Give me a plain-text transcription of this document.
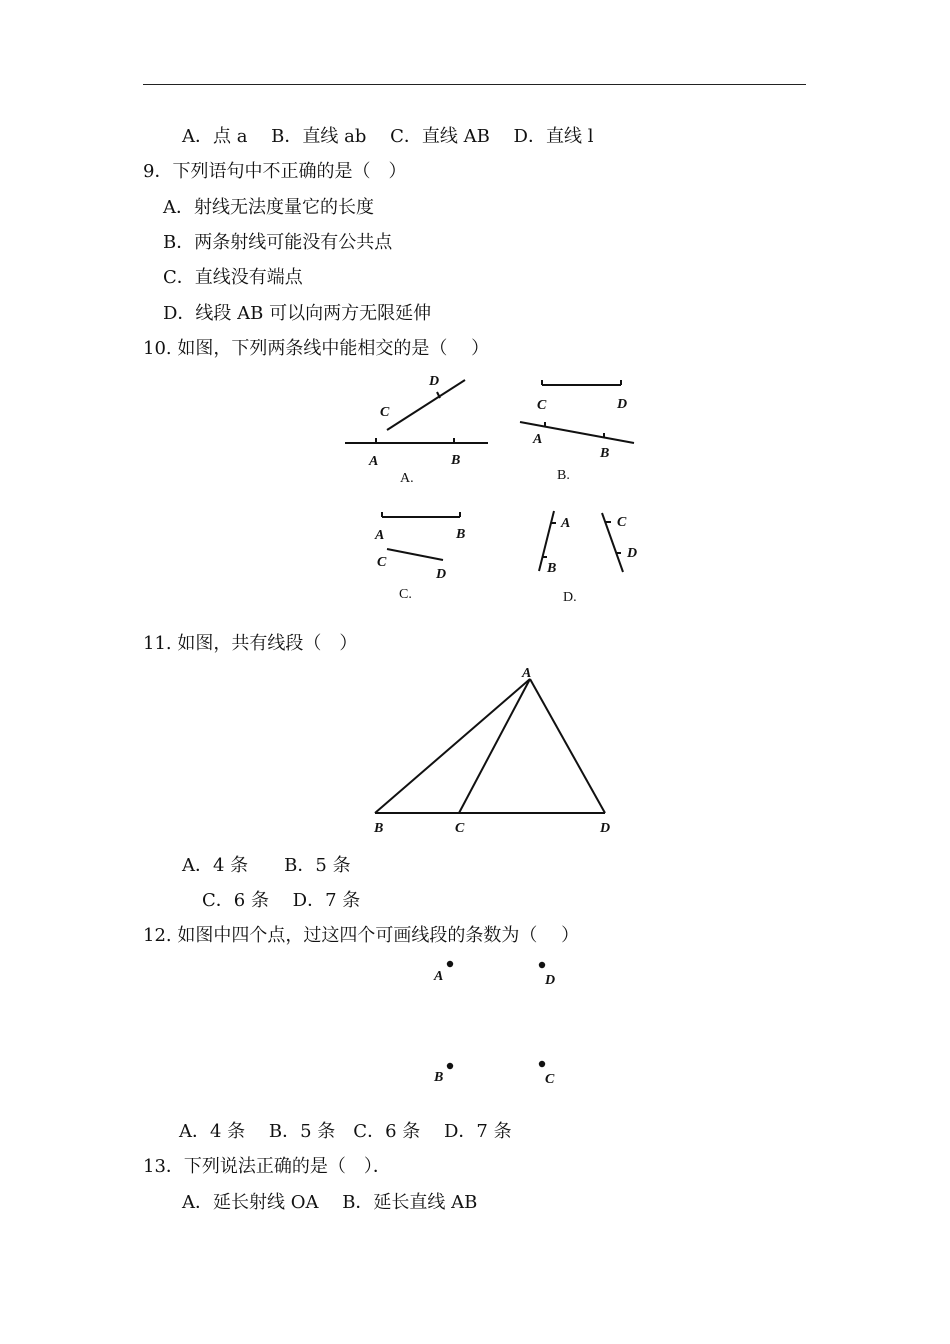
A．点 a　 B．直线 ab　 C．直线 AB　 D．直线 l
9．下列语句中不正确的是（　）
A．射线无法度量它的长度
B．两条射线可能没有公共点
C．直线没有端点
D．线段 AB 可以向两方无限延伸
10. 如图，下列两条线中能相交的是（　 ）
C
D
A	B
A.
C	D
A
B
B.
A	B
C
D
C.
A
B
C
D
D.
11. 如图，共有线段（　）
A
B	C	D
A．4 条　　B．5 条
C．6 条　 D．7 条
12. 如图中四个点，过这四个可画线段的条数为（　 ）
A	D
B	C
A．4 条　 B．5 条　C．6 条　 D．7 条
13．下列说法正确的是（　）．
A．延长射线 OA　 B．延长直线 AB
